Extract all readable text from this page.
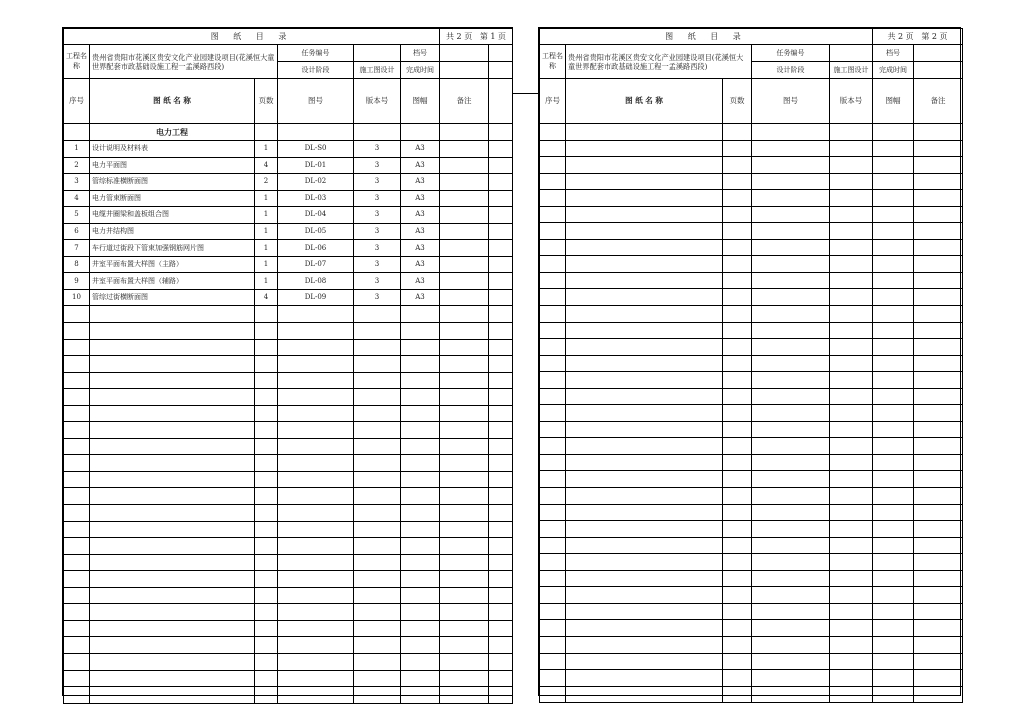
图 纸 目 录						共 2 页 第 1 页	
工程名称	贵州省贵阳市花溪区贵安文化产业园建设项目(花溪恒大童世界配套市政基础设施工程一孟溪路西段)		任务编号		档号		
			设计阶段	施工图设计	完成时间		
序号	图 纸 名 称	页数	图号	版本号	图幅	备注	
	电力工程						
1	设计说明及材料表	1	DL-S0	3	A3		
2	电力平面图	4	DL-01	3	A3		
3	管综标准横断面图	2	DL-02	3	A3		
4	电力管束断面图	1	DL-03	3	A3		
5	电缆井圈梁和盖板组合图	1	DL-04	3	A3		
6	电力井结构图	1	DL-05	3	A3		
7	车行道过街段下管束加强钢筋网片图	1	DL-06	3	A3		
8	井室平面布置大样图（主路）	1	DL-07	3	A3		
9	井室平面布置大样图（辅路）	1	DL-08	3	A3		
10	管综过街横断面图	4	DL-09	3	A3		

图 纸 目 录					共 2 页 第 2 页	
工程名称	贵州省贵阳市花溪区贵安文化产业园建设项目(花溪恒大童世界配套市政基础设施工程一孟溪路西段)		任务编号		档号	
			设计阶段	施工图设计	完成时间	
序号	图 纸 名 称	页数	图号	版本号	图幅	备注
